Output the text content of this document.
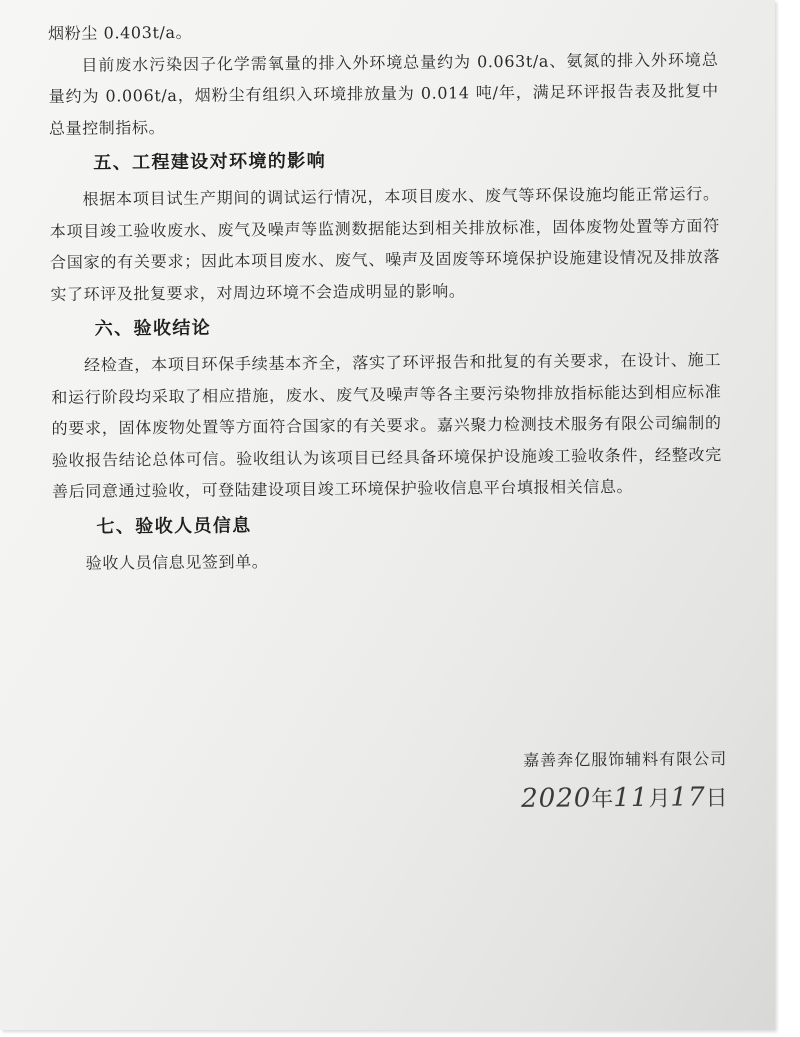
烟粉尘 0.403t/a。

目前废水污染因子化学需氧量的排入外环境总量约为 0.063t/a、氨氮的排入外环境总量约为 0.006t/a，烟粉尘有组织入环境排放量为 0.014 吨/年，满足环评报告表及批复中总量控制指标。

五、工程建设对环境的影响

根据本项目试生产期间的调试运行情况，本项目废水、废气等环保设施均能正常运行。本项目竣工验收废水、废气及噪声等监测数据能达到相关排放标准，固体废物处置等方面符合国家的有关要求；因此本项目废水、废气、噪声及固废等环境保护设施建设情况及排放落实了环评及批复要求，对周边环境不会造成明显的影响。

六、验收结论

经检查，本项目环保手续基本齐全，落实了环评报告和批复的有关要求，在设计、施工和运行阶段均采取了相应措施，废水、废气及噪声等各主要污染物排放指标能达到相应标准的要求，固体废物处置等方面符合国家的有关要求。嘉兴聚力检测技术服务有限公司编制的验收报告结论总体可信。验收组认为该项目已经具备环境保护设施竣工验收条件，经整改完善后同意通过验收，可登陆建设项目竣工环境保护验收信息平台填报相关信息。

七、验收人员信息

验收人员信息见签到单。

嘉善奔亿服饰辅料有限公司
2020年11月17日
